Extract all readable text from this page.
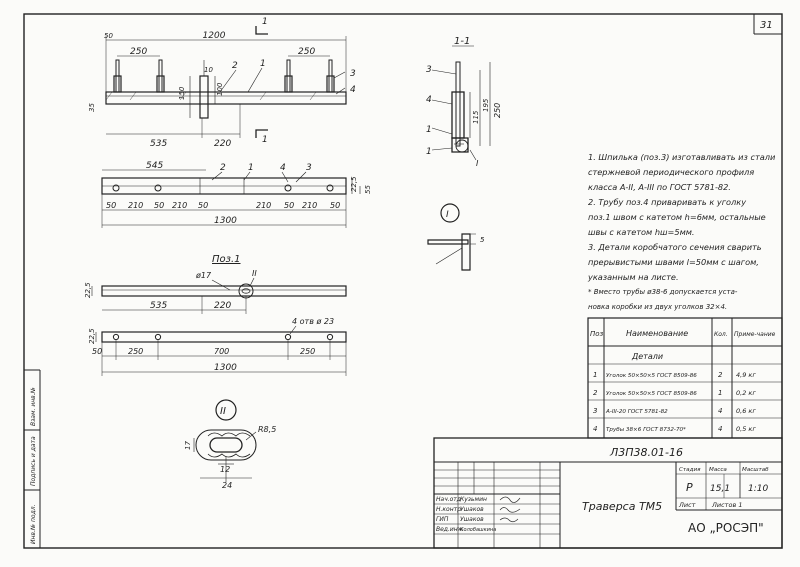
1200
50
250	250
10
150	100
35
535	220
1
1
2 1
3
4
545	2 1	4 3
22,5 55
50 210 50 210 50	210 50 210 50
1300
Поз.1
ø17	II
22,5
535	220
22,5
4 отв ø 23
50	250	700	250
1300
II
R8,5
17
12
24
1-1
3
4
1
1
195
115 250
I
I
5
Поз.	Наименование	Кол. Приме-чание
Детали
1 Уголок 50×50×5 ГОСТ 8509-86	2 4,9 кг
2 Уголок 50×50×5 ГОСТ 8509-86	1 0,2 кг
3 А-III-20 ГОСТ 5781-82	4 0,6 кг
4 Трубы 38×6 ГОСТ 8732-70*	4 0,5 кг
Л3П38.01-16
Траверса ТМ5
Стадия Масса	Масштаб
Р 15,1 1:10
Лист	Листов 1
АО „РОСЭП"
Нач.отд
Н.контр
ГИП
Вед.инж
Кузьмин
Ушаков
Ушаков
Колобашкина
31
Инв.№ подл.
Подпись и дата
Взам. инв.№
1. Шпилька (поз.3) изготавливать из стали
стержневой периодического профиля
класса А-II, А-III по ГОСТ 5781-82.
2. Трубу поз.4 приваривать к уголку
поз.1 швом с катетом h=6мм, остальные
швы с катетом hш=5мм.
3. Детали коробчатого сечения сварить
прерывистыми швами l=50мм с шагом,
указанным на листе.
* Вместо трубы ø38-6 допускается уста-
новка коробки из двух уголков 32×4.
